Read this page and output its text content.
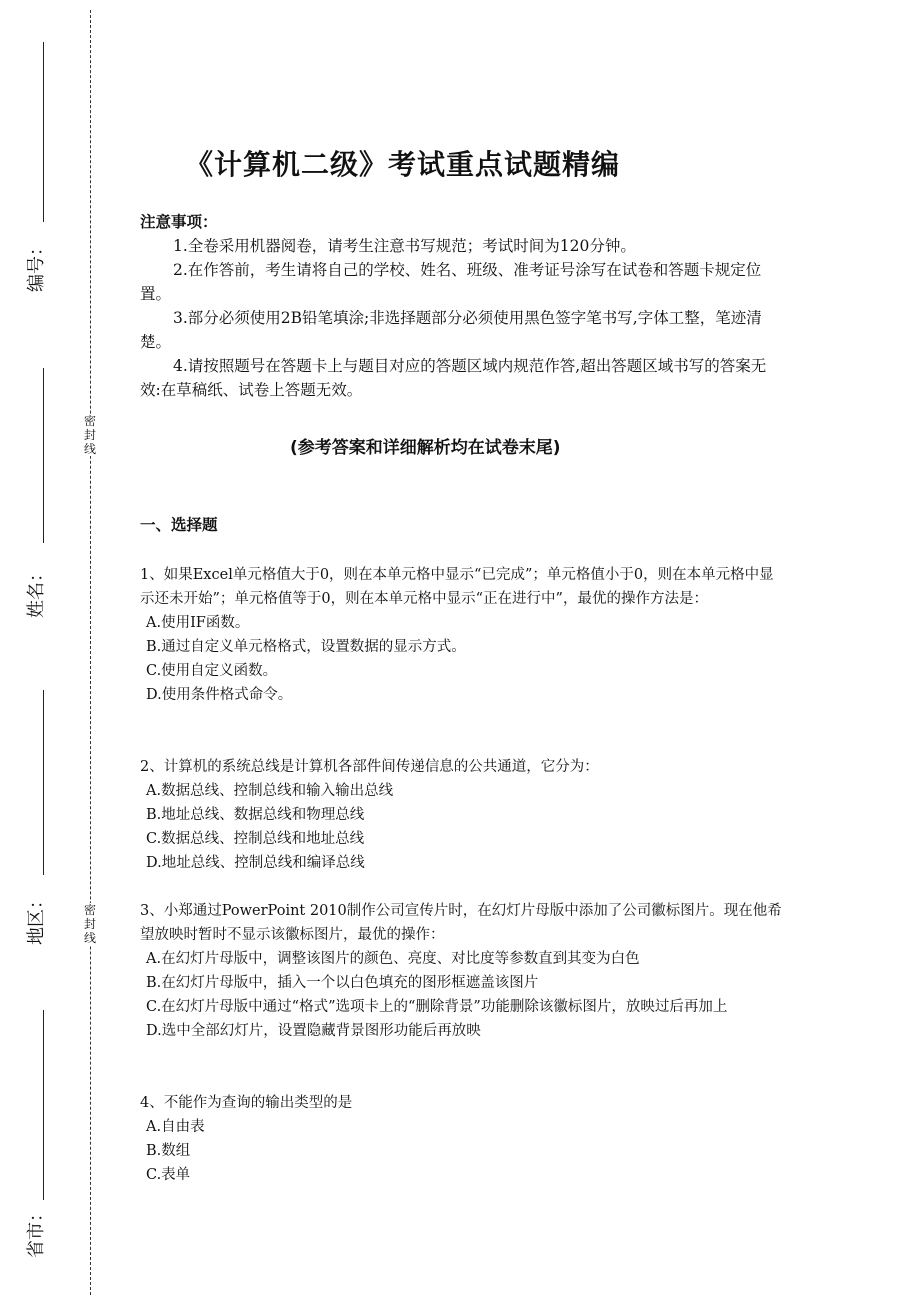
编号：
姓名：
地区：
省市：
密封线
密封线
《计算机二级》考试重点试题精编
注意事项：

1.全卷采用机器阅卷，请考生注意书写规范；考试时间为120分钟。

2.在作答前，考生请将自己的学校、姓名、班级、准考证号涂写在试卷和答题卡规定位置。

3.部分必须使用2B铅笔填涂;非选择题部分必须使用黑色签字笔书写,字体工整，笔迹清楚。

4.请按照题号在答题卡上与题目对应的答题区域内规范作答,超出答题区域书写的答案无效:在草稿纸、试卷上答题无效。

(参考答案和详细解析均在试卷末尾)
一、选择题

1、如果Excel单元格值大于0，则在本单元格中显示“已完成”；单元格值小于0，则在本单元格中显示还未开始”；单元格值等于0，则在本单元格中显示“正在进行中”，最优的操作方法是：

A.使用IF函数。

B.通过自定义单元格格式，设置数据的显示方式。

C.使用自定义函数。

D.使用条件格式命令。

2、计算机的系统总线是计算机各部件间传递信息的公共通道，它分为：

A.数据总线、控制总线和输入输出总线

B.地址总线、数据总线和物理总线

C.数据总线、控制总线和地址总线

D.地址总线、控制总线和编译总线

3、小郑通过PowerPoint 2010制作公司宣传片时，在幻灯片母版中添加了公司徽标图片。现在他希望放映时暂时不显示该徽标图片，最优的操作：

A.在幻灯片母版中，调整该图片的颜色、亮度、对比度等参数直到其变为白色

B.在幻灯片母版中，插入一个以白色填充的图形框遮盖该图片

C.在幻灯片母版中通过“格式”选项卡上的“删除背景”功能删除该徽标图片，放映过后再加上

D.选中全部幻灯片，设置隐藏背景图形功能后再放映

4、不能作为查询的输出类型的是

A.自由表

B.数组

C.表单
